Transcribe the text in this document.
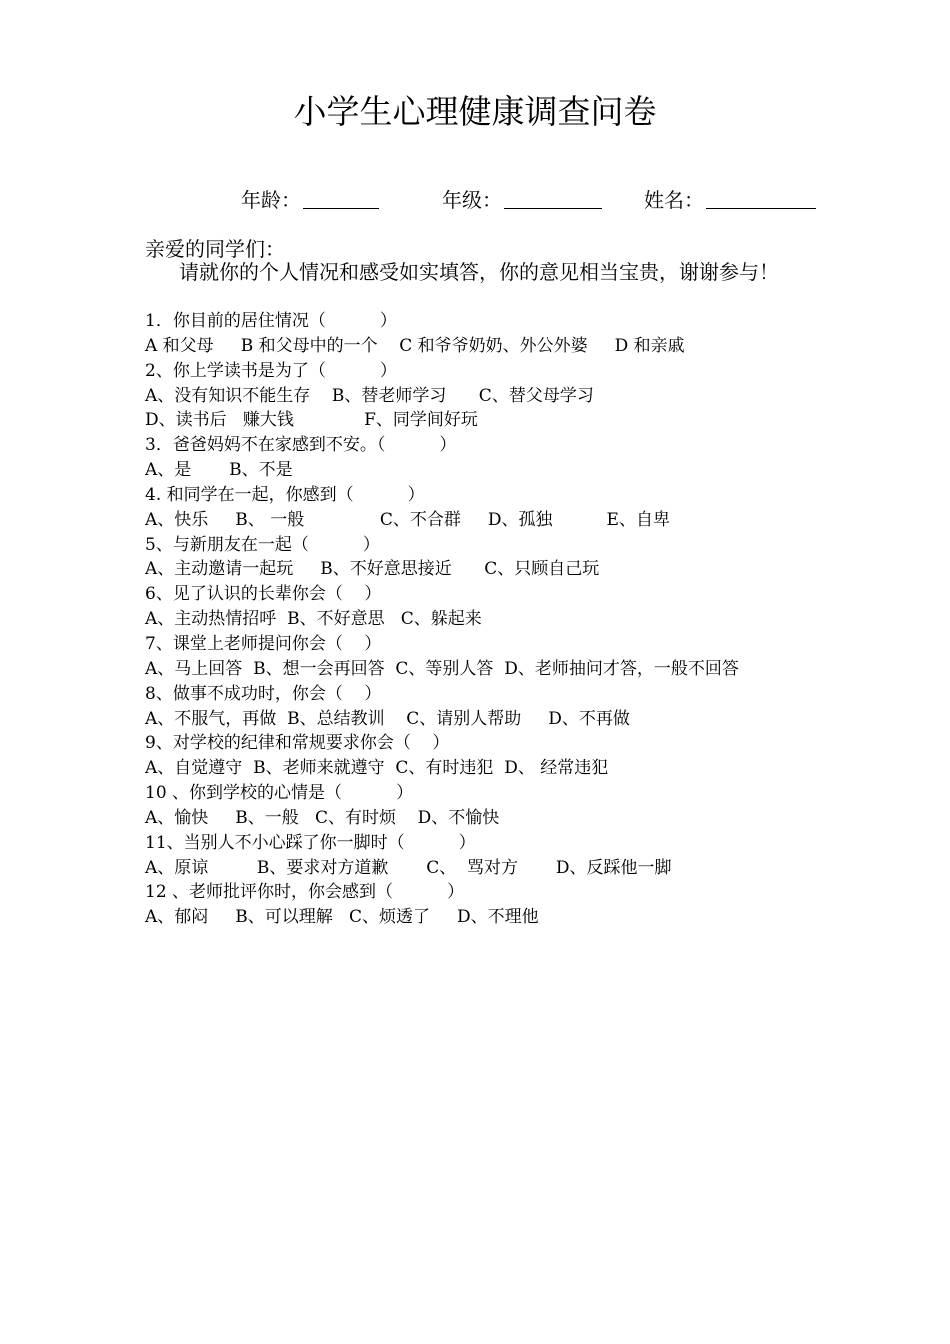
小学生心理健康调查问卷
年龄：	年级：	姓名：
亲爱的同学们：
请就你的个人情况和感受如实填答，你的意见相当宝贵，谢谢参与！
1．你目前的居住情况（          ）
A 和父母     B 和父母中的一个    C 和爷爷奶奶、外公外婆     D 和亲戚
2、你上学读书是为了（          ）
A、没有知识不能生存    B、替老师学习      C、替父母学习
D、读书后   赚大钱             F、同学间好玩
3．爸爸妈妈不在家感到不安。（          ）
A、是       B、不是
4. 和同学在一起，你感到（          ）
A、快乐     B、 一般              C、不合群     D、孤独          E、自卑
5、与新朋友在一起（          ）
A、主动邀请一起玩     B、不好意思接近      C、只顾自己玩
6、见了认识的长辈你会（    ）
A、主动热情招呼  B、不好意思   C、躲起来
7、课堂上老师提问你会（    ）
A、马上回答  B、想一会再回答  C、等别人答  D、老师抽问才答，一般不回答
8、做事不成功时，你会（    ）
A、不服气，再做  B、总结教训    C、请别人帮助     D、不再做
9、对学校的纪律和常规要求你会（    ）
A、自觉遵守  B、老师来就遵守  C、有时违犯  D、 经常违犯
10 、你到学校的心情是（          ）
A、愉快     B、一般   C、有时烦    D、不愉快
11、当别人不小心踩了你一脚时（          ）
A、原谅         B、要求对方道歉       C、  骂对方       D、反踩他一脚
12 、老师批评你时，你会感到（          ）
A、郁闷     B、可以理解   C、烦透了     D、不理他
